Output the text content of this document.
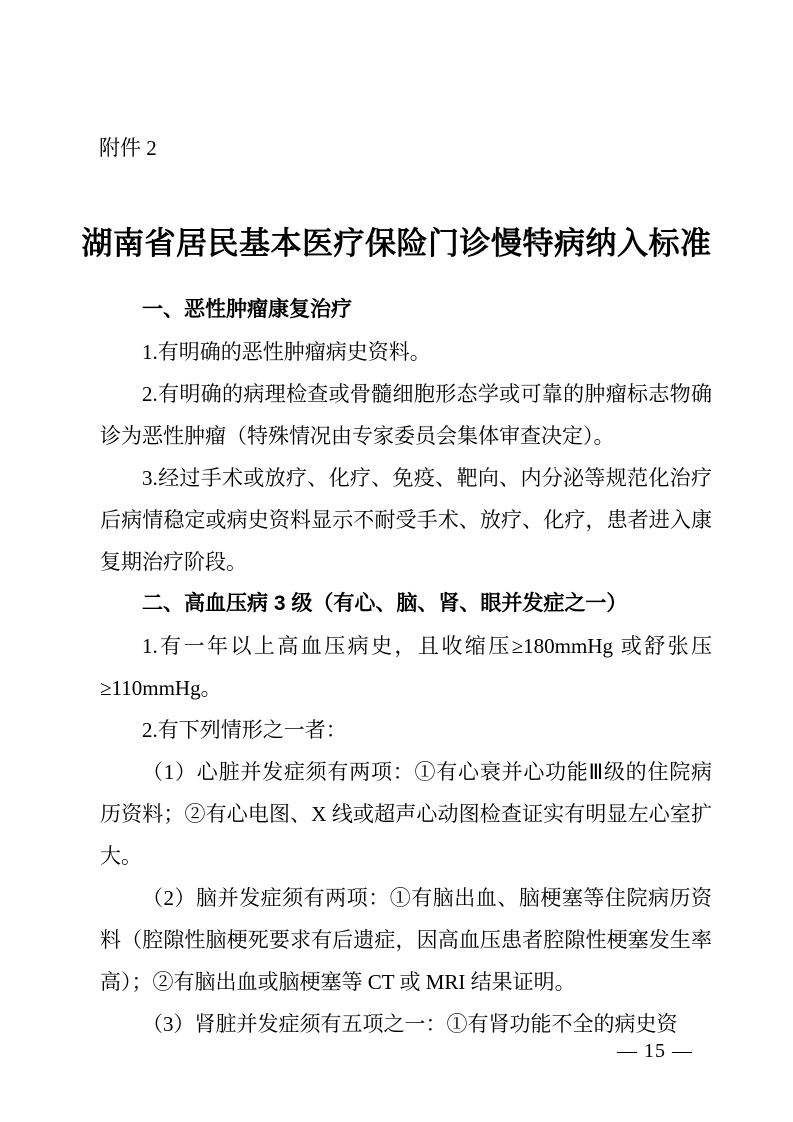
附件 2
湖南省居民基本医疗保险门诊慢特病纳入标准
一、恶性肿瘤康复治疗

1.有明确的恶性肿瘤病史资料。

2.有明确的病理检查或骨髓细胞形态学或可靠的肿瘤标志物确诊为恶性肿瘤（特殊情况由专家委员会集体审查决定）。

3.经过手术或放疗、化疗、免疫、靶向、内分泌等规范化治疗后病情稳定或病史资料显示不耐受手术、放疗、化疗，患者进入康复期治疗阶段。

二、高血压病 3 级（有心、脑、肾、眼并发症之一）

1.有一年以上高血压病史，且收缩压≥180mmHg 或舒张压≥110mmHg。

2.有下列情形之一者：

（1）心脏并发症须有两项：①有心衰并心功能Ⅲ级的住院病历资料；②有心电图、X 线或超声心动图检查证实有明显左心室扩大。

（2）脑并发症须有两项：①有脑出血、脑梗塞等住院病历资料（腔隙性脑梗死要求有后遗症，因高血压患者腔隙性梗塞发生率高）；②有脑出血或脑梗塞等 CT 或 MRI 结果证明。

（3）肾脏并发症须有五项之一：①有肾功能不全的病史资

— 15 —
